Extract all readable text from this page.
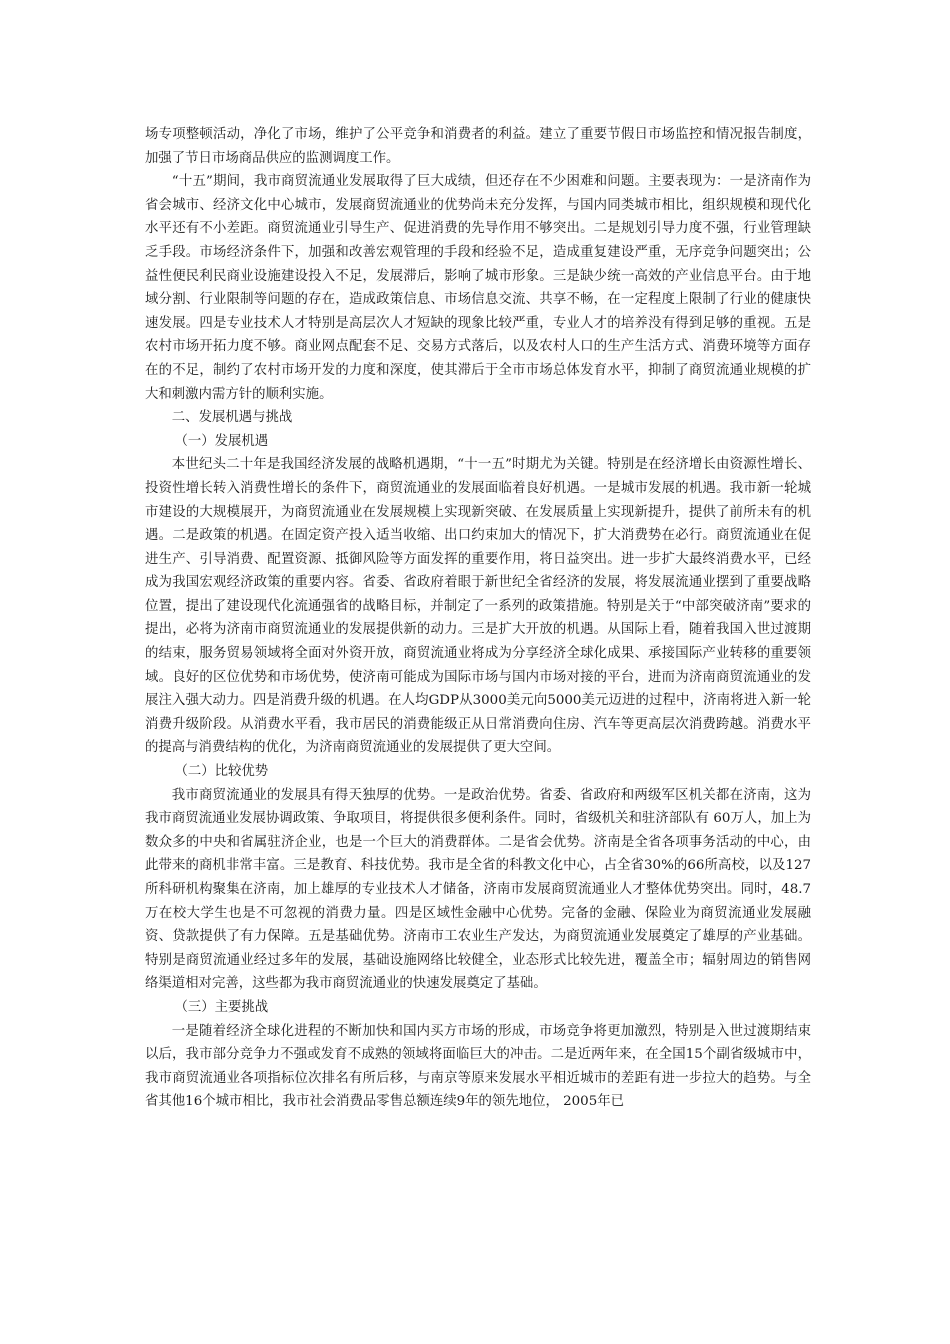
场专项整顿活动，净化了市场，维护了公平竞争和消费者的利益。建立了重要节假日市场监控和情况报告制度，加强了节日市场商品供应的监测调度工作。

“十五”期间，我市商贸流通业发展取得了巨大成绩，但还存在不少困难和问题。主要表现为：一是济南作为省会城市、经济文化中心城市，发展商贸流通业的优势尚未充分发挥，与国内同类城市相比，组织规模和现代化水平还有不小差距。商贸流通业引导生产、促进消费的先导作用不够突出。二是规划引导力度不强，行业管理缺乏手段。市场经济条件下，加强和改善宏观管理的手段和经验不足，造成重复建设严重，无序竞争问题突出；公益性便民利民商业设施建设投入不足，发展滞后，影响了城市形象。三是缺少统一高效的产业信息平台。由于地域分割、行业限制等问题的存在，造成政策信息、市场信息交流、共享不畅，在一定程度上限制了行业的健康快速发展。四是专业技术人才特别是高层次人才短缺的现象比较严重，专业人才的培养没有得到足够的重视。五是农村市场开拓力度不够。商业网点配套不足、交易方式落后，以及农村人口的生产生活方式、消费环境等方面存在的不足，制约了农村市场开发的力度和深度，使其滞后于全市市场总体发育水平，抑制了商贸流通业规模的扩大和刺激内需方针的顺利实施。

二、发展机遇与挑战

（一）发展机遇

本世纪头二十年是我国经济发展的战略机遇期，“十一五”时期尤为关键。特别是在经济增长由资源性增长、投资性增长转入消费性增长的条件下，商贸流通业的发展面临着良好机遇。一是城市发展的机遇。我市新一轮城市建设的大规模展开，为商贸流通业在发展规模上实现新突破、在发展质量上实现新提升，提供了前所未有的机遇。二是政策的机遇。在固定资产投入适当收缩、出口约束加大的情况下，扩大消费势在必行。商贸流通业在促进生产、引导消费、配置资源、抵御风险等方面发挥的重要作用，将日益突出。进一步扩大最终消费水平，已经成为我国宏观经济政策的重要内容。省委、省政府着眼于新世纪全省经济的发展，将发展流通业摆到了重要战略位置，提出了建设现代化流通强省的战略目标，并制定了一系列的政策措施。特别是关于“中部突破济南”要求的提出，必将为济南市商贸流通业的发展提供新的动力。三是扩大开放的机遇。从国际上看，随着我国入世过渡期的结束，服务贸易领域将全面对外资开放，商贸流通业将成为分享经济全球化成果、承接国际产业转移的重要领域。良好的区位优势和市场优势，使济南可能成为国际市场与国内市场对接的平台，进而为济南商贸流通业的发展注入强大动力。四是消费升级的机遇。在人均GDP从3000美元向5000美元迈进的过程中，济南将进入新一轮消费升级阶段。从消费水平看，我市居民的消费能级正从日常消费向住房、汽车等更高层次消费跨越。消费水平的提高与消费结构的优化，为济南商贸流通业的发展提供了更大空间。

（二）比较优势

我市商贸流通业的发展具有得天独厚的优势。一是政治优势。省委、省政府和两级军区机关都在济南，这为我市商贸流通业发展协调政策、争取项目，将提供很多便利条件。同时，省级机关和驻济部队有 60万人，加上为数众多的中央和省属驻济企业，也是一个巨大的消费群体。二是省会优势。济南是全省各项事务活动的中心，由此带来的商机非常丰富。三是教育、科技优势。我市是全省的科教文化中心，占全省30%的66所高校，以及127所科研机构聚集在济南，加上雄厚的专业技术人才储备，济南市发展商贸流通业人才整体优势突出。同时，48.7万在校大学生也是不可忽视的消费力量。四是区域性金融中心优势。完备的金融、保险业为商贸流通业发展融资、贷款提供了有力保障。五是基础优势。济南市工农业生产发达，为商贸流通业发展奠定了雄厚的产业基础。特别是商贸流通业经过多年的发展，基础设施网络比较健全，业态形式比较先进，覆盖全市；辐射周边的销售网络渠道相对完善，这些都为我市商贸流通业的快速发展奠定了基础。

（三）主要挑战

一是随着经济全球化进程的不断加快和国内买方市场的形成，市场竞争将更加激烈，特别是入世过渡期结束以后，我市部分竞争力不强或发育不成熟的领域将面临巨大的冲击。二是近两年来，在全国15个副省级城市中，我市商贸流通业各项指标位次排名有所后移，与南京等原来发展水平相近城市的差距有进一步拉大的趋势。与全省其他16个城市相比，我市社会消费品零售总额连续9年的领先地位， 2005年已
